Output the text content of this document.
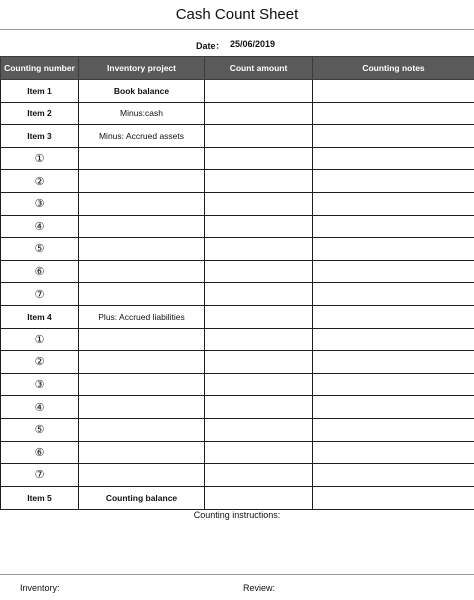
Cash Count Sheet
Date： 25/06/2019
Counting number	Inventory project	Count amount	Counting notes
Item 1	Book balance		
Item 2	Minus:cash		
Item 3	Minus: Accrued assets		
①			
②			
③			
④			
⑤			
⑥			
⑦			
Item 4	Plus: Accrued liabilities		
①			
②			
③			
④			
⑤			
⑥			
⑦			
Item 5	Counting balance		
Counting instructions:
Inventory:	Review:
